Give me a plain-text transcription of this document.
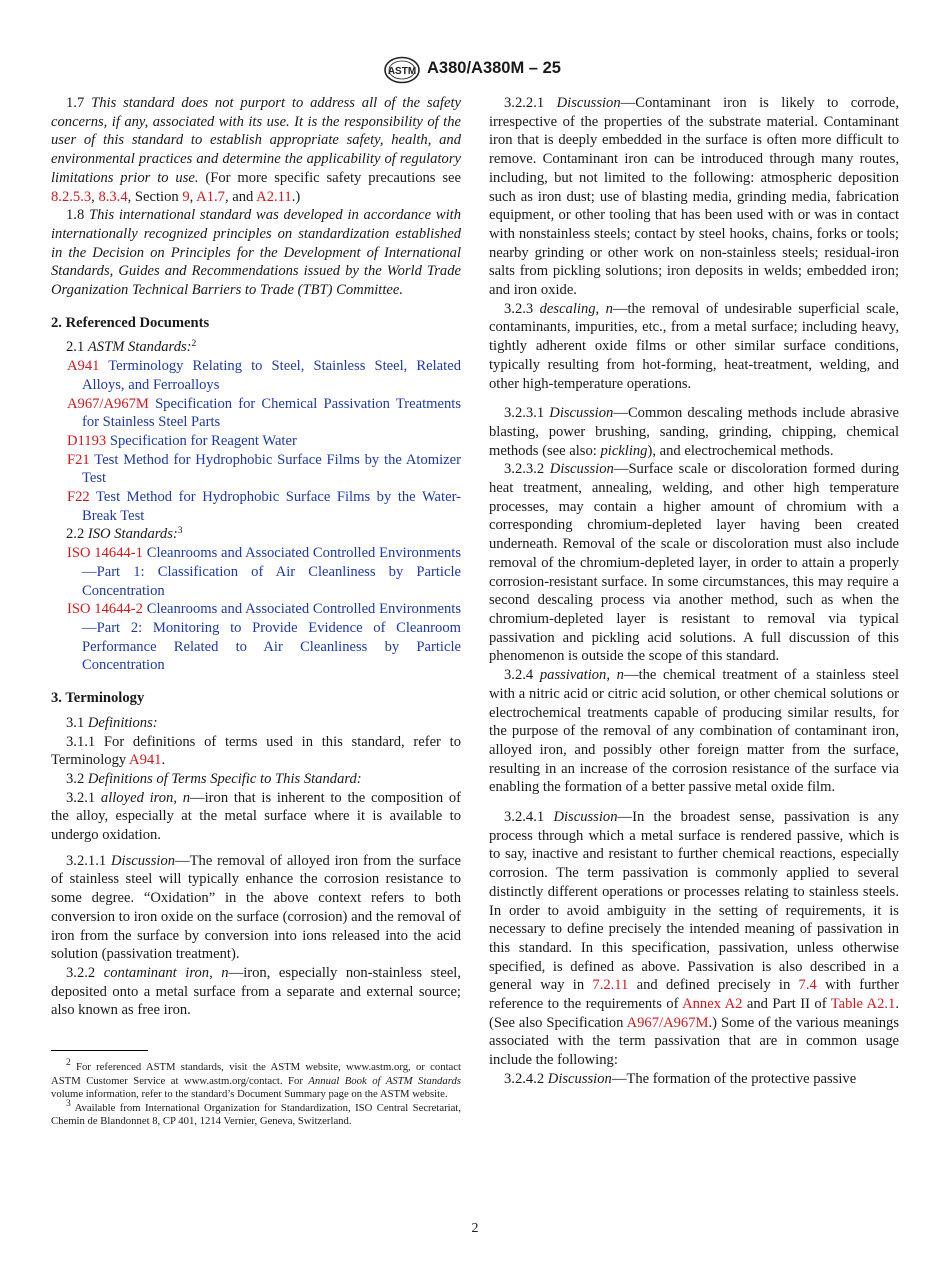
ASTM A380/A380M – 25

1.7 This standard does not purport to address all of the safety concerns, if any, associated with its use. It is the responsibility of the user of this standard to establish appropriate safety, health, and environmental practices and determine the applicability of regulatory limitations prior to use. (For more specific safety precautions see 8.2.5.3, 8.3.4, Section 9, A1.7, and A2.11.)

1.8 This international standard was developed in accordance with internationally recognized principles on standardization established in the Decision on Principles for the Development of International Standards, Guides and Recommendations issued by the World Trade Organization Technical Barriers to Trade (TBT) Committee.

2. Referenced Documents

2.1 ASTM Standards:$^2$

A941 Terminology Relating to Steel, Stainless Steel, Related Alloys, and Ferroalloys

A967/A967M Specification for Chemical Passivation Treatments for Stainless Steel Parts

D1193 Specification for Reagent Water

F21 Test Method for Hydrophobic Surface Films by the Atomizer Test

F22 Test Method for Hydrophobic Surface Films by the Water-Break Test

2.2 ISO Standards:$^3$

ISO 14644-1 Cleanrooms and Associated Controlled Environments—Part 1: Classification of Air Cleanliness by Particle Concentration

ISO 14644-2 Cleanrooms and Associated Controlled Environments—Part 2: Monitoring to Provide Evidence of Cleanroom Performance Related to Air Cleanliness by Particle Concentration

3. Terminology

3.1 Definitions:

3.1.1 For definitions of terms used in this standard, refer to Terminology A941.

3.2 Definitions of Terms Specific to This Standard:

3.2.1 alloyed iron, n—iron that is inherent to the composition of the alloy, especially at the metal surface where it is available to undergo oxidation.

3.2.1.1 Discussion—The removal of alloyed iron from the surface of stainless steel will typically enhance the corrosion resistance to some degree. “Oxidation” in the above context refers to both conversion to iron oxide on the surface (corrosion) and the removal of iron from the surface by conversion into ions released into the acid solution (passivation treatment).

3.2.2 contaminant iron, n—iron, especially non-stainless steel, deposited onto a metal surface from a separate and external source; also known as free iron.

$^2$ For referenced ASTM standards, visit the ASTM website, www.astm.org, or contact ASTM Customer Service at www.astm.org/contact. For Annual Book of ASTM Standards volume information, refer to the standard’s Document Summary page on the ASTM website.

$^3$ Available from International Organization for Standardization, ISO Central Secretariat, Chemin de Blandonnet 8, CP 401, 1214 Vernier, Geneva, Switzerland.

3.2.2.1 Discussion—Contaminant iron is likely to corrode, irrespective of the properties of the substrate material. Contaminant iron that is deeply embedded in the surface is often more difficult to remove. Contaminant iron can be introduced through many routes, including, but not limited to the following: atmospheric deposition such as iron dust; use of blasting media, grinding media, fabrication equipment, or other tooling that has been used with or was in contact with nonstainless steels; contact by steel hooks, chains, forks or tools; nearby grinding or other work on non-stainless steels; residual-iron salts from pickling solutions; iron deposits in welds; embedded iron; and iron oxide.

3.2.3 descaling, n—the removal of undesirable superficial scale, contaminants, impurities, etc., from a metal surface; including heavy, tightly adherent oxide films or other similar surface conditions, typically resulting from hot-forming, heat-treatment, welding, and other high-temperature operations.

3.2.3.1 Discussion—Common descaling methods include abrasive blasting, power brushing, sanding, grinding, chipping, chemical methods (see also: pickling), and electrochemical methods.

3.2.3.2 Discussion—Surface scale or discoloration formed during heat treatment, annealing, welding, and other high temperature processes, may contain a higher amount of chromium with a corresponding chromium-depleted layer having been created underneath. Removal of the scale or discoloration must also include removal of the chromium-depleted layer, in order to attain a properly corrosion-resistant surface. In some circumstances, this may require a second descaling process via another method, such as when the chromium-depleted layer is resistant to removal via typical passivation and pickling acid solutions. A full discussion of this phenomenon is outside the scope of this standard.

3.2.4 passivation, n—the chemical treatment of a stainless steel with a nitric acid or citric acid solution, or other chemical solutions or electrochemical treatments capable of producing similar results, for the purpose of the removal of any combination of contaminant iron, alloyed iron, and possibly other foreign matter from the surface, resulting in an increase of the corrosion resistance of the surface via enabling the formation of a better passive metal oxide film.

3.2.4.1 Discussion—In the broadest sense, passivation is any process through which a metal surface is rendered passive, which is to say, inactive and resistant to further chemical reactions, especially corrosion. The term passivation is commonly applied to several distinctly different operations or processes relating to stainless steels. In order to avoid ambiguity in the setting of requirements, it is necessary to define precisely the intended meaning of passivation in this standard. In this specification, passivation, unless otherwise specified, is defined as above. Passivation is also described in a general way in 7.2.11 and defined precisely in 7.4 with further reference to the requirements of Annex A2 and Part II of Table A2.1. (See also Specification A967/A967M.) Some of the various meanings associated with the term passivation that are in common usage include the following:

3.2.4.2 Discussion—The formation of the protective passive

2
